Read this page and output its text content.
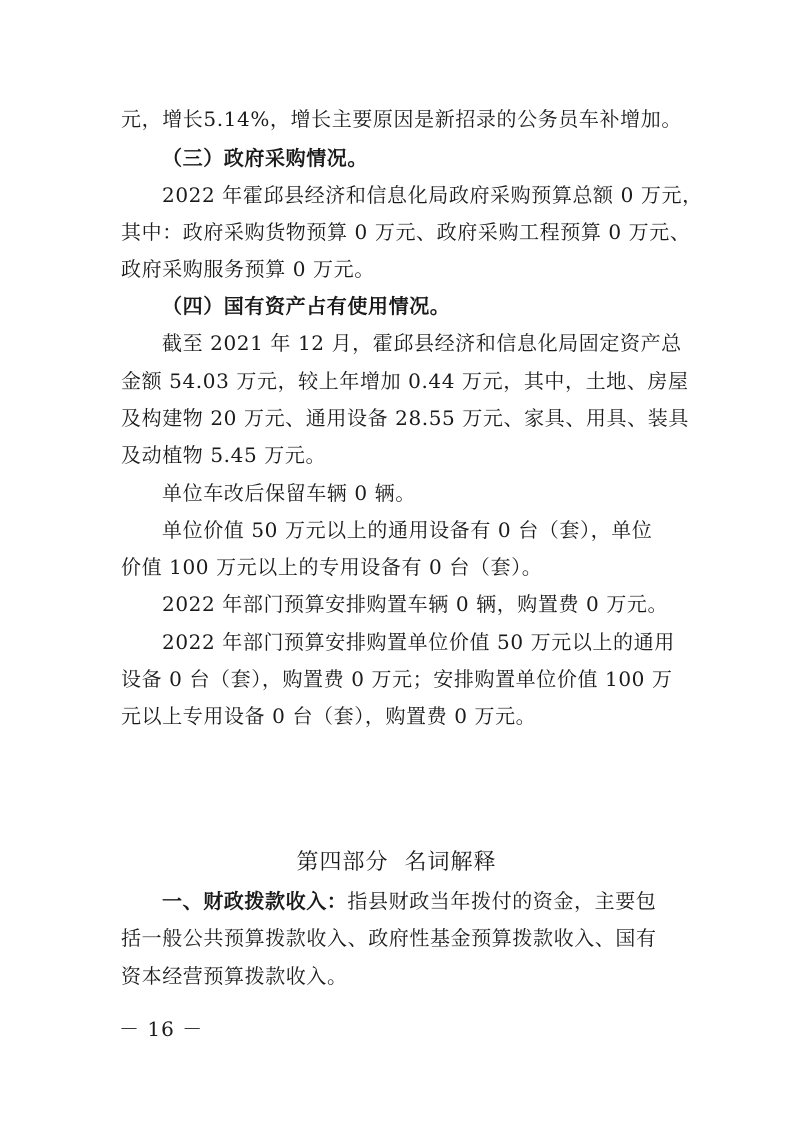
元，增长5.14%，增长主要原因是新招录的公务员车补增加。
（三）政府采购情况。
2022 年霍邱县经济和信息化局政府采购预算总额 0 万元，
其中：政府采购货物预算 0 万元、政府采购工程预算 0 万元、
政府采购服务预算 0 万元。
（四）国有资产占有使用情况。
截至 2021 年 12 月，霍邱县经济和信息化局固定资产总
金额 54.03 万元，较上年增加 0.44 万元，其中，土地、房屋
及构建物 20 万元、通用设备 28.55 万元、家具、用具、装具
及动植物 5.45 万元。
单位车改后保留车辆 0 辆。
单位价值 50 万元以上的通用设备有 0 台（套），单位
价值 100 万元以上的专用设备有 0 台（套）。
2022 年部门预算安排购置车辆 0 辆，购置费 0 万元。
2022 年部门预算安排购置单位价值 50 万元以上的通用
设备 0 台（套），购置费 0 万元；安排购置单位价值 100 万
元以上专用设备 0 台（套），购置费 0 万元。
第四部分  名词解释
一、财政拨款收入：指县财政当年拨付的资金，主要包
括一般公共预算拨款收入、政府性基金预算拨款收入、国有
资本经营预算拨款收入。
－ 16 －
